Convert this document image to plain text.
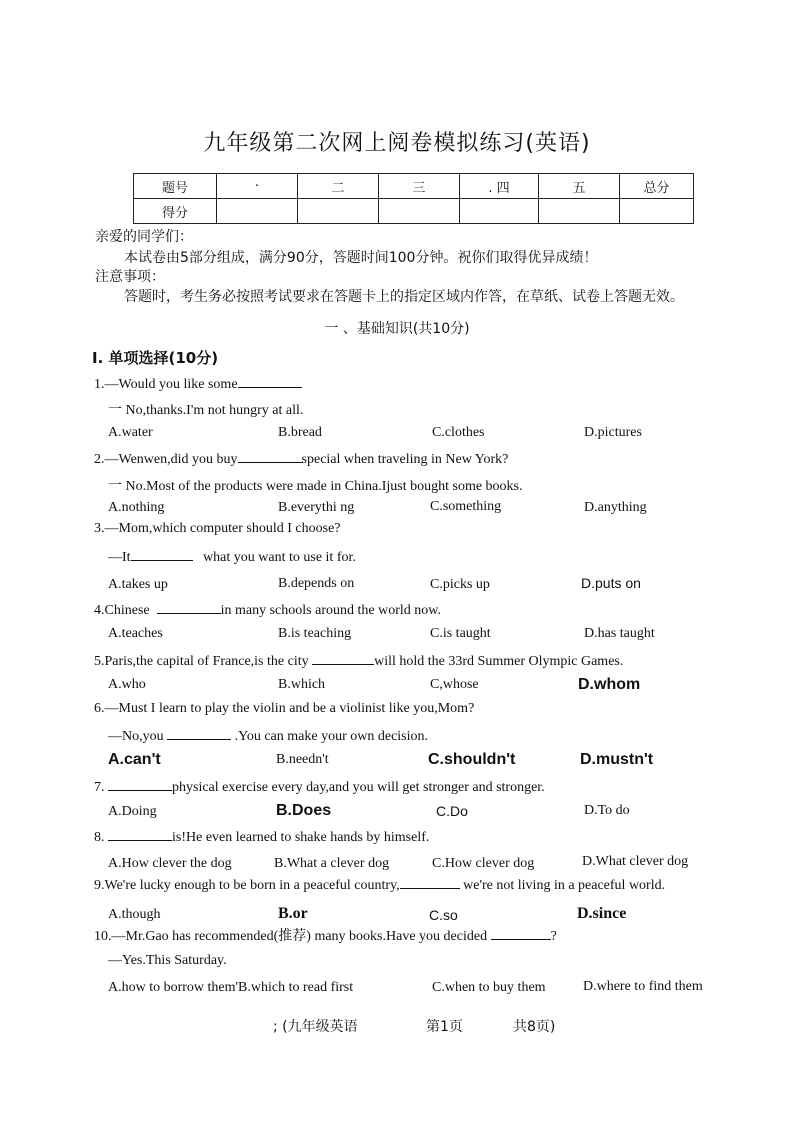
九年级第二次网上阅卷模拟练习(英语)
题号	·	二	三	. 四	五	总分
得分						
亲爱的同学们：
本试卷由5部分组成，满分90分，答题时间100分钟。祝你们取得优异成绩！
注意事项：
答题时，考生务必按照考试要求在答题卡上的指定区域内作答，在草纸、试卷上答题无效。
一 、基础知识(共10分)
I. 单项选择(10分)
1.—Would you like some
一 No,thanks.I'm not hungry at all.
A.water	B.bread	C.clothes	D.pictures
2.—Wenwen,did you buy	special when traveling in New York?
一 No.Most of the products were made in China.Ijust bought some books.
A.nothing	B.everythi ng	C.something	D.anything
3.—Mom,which computer should I choose?
—It	what you want to use it for.
A.takes up	B.depends on	C.picks up	D.puts on
4.Chinese	in many schools around the world now.
A.teaches	B.is teaching	C.is taught	D.has taught
5.Paris,the capital of France,is the city	will hold the 33rd Summer Olympic Games.
A.who	B.which	C,whose	D.whom
6.—Must I learn to play the violin and be a violinist like you,Mom?
—No,you	.You can make your own decision.
A.can't	B.needn't	C.shouldn't	D.mustn't
7.	physical exercise every day,and you will get stronger and stronger.
A.Doing	B.Does	C.Do	D.To do
8.	is!He even learned to shake hands by himself.
A.How clever the dog	B.What a clever dog	C.How clever dog	D.What clever dog
9.We're lucky enough to be born in a peaceful country,	we're not living in a peaceful world.
A.though	B.or	C.so	D.since
10.—Mr.Gao has recommended(推荐) many books.Have you decided	?
—Yes.This Saturday.
A.how to borrow them'B.which to read first	C.when to buy them	D.where to find them
; (九年级英语	第1页	共8页)
